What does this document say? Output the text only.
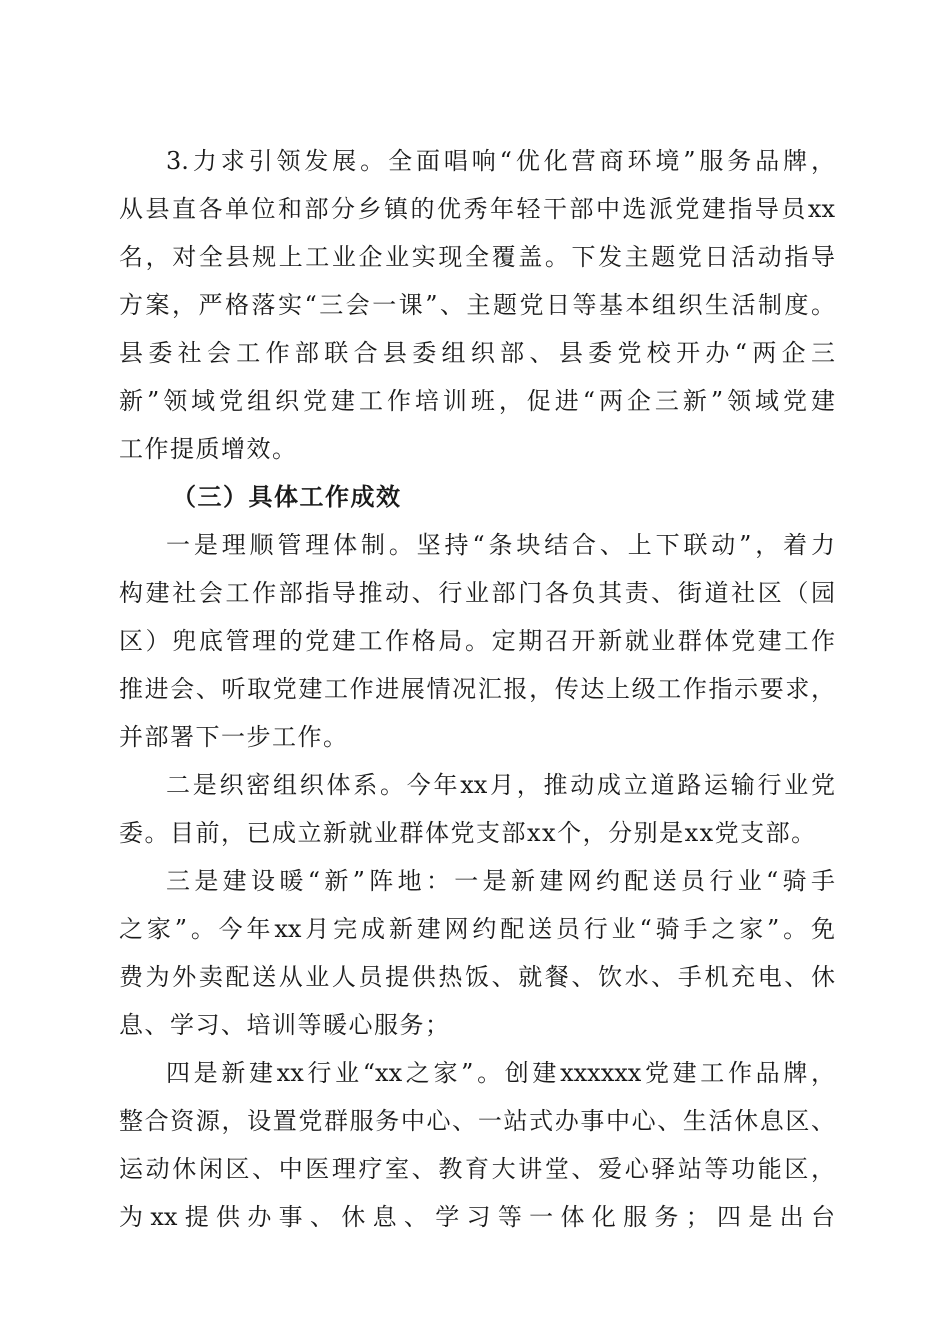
3.力求引领发展。全面唱响“优化营商环境”服务品牌，
从县直各单位和部分乡镇的优秀年轻干部中选派党建指导员xx
名，对全县规上工业企业实现全覆盖。下发主题党日活动指导
方案，严格落实“三会一课”、主题党日等基本组织生活制度。
县委社会工作部联合县委组织部、县委党校开办“两企三
新”领域党组织党建工作培训班，促进“两企三新”领域党建
工作提质增效。
（三）具体工作成效
一是理顺管理体制。坚持“条块结合、上下联动”，着力
构建社会工作部指导推动、行业部门各负其责、街道社区（园
区）兜底管理的党建工作格局。定期召开新就业群体党建工作
推进会、听取党建工作进展情况汇报，传达上级工作指示要求，
并部署下一步工作。
二是织密组织体系。今年xx月，推动成立道路运输行业党
委。目前，已成立新就业群体党支部xx个，分别是xx党支部。
三是建设暖“新”阵地：一是新建网约配送员行业“骑手
之家”。今年xx月完成新建网约配送员行业“骑手之家”。免
费为外卖配送从业人员提供热饭、就餐、饮水、手机充电、休
息、学习、培训等暖心服务；
四是新建xx行业“xx之家”。创建xxxxxx党建工作品牌，
整合资源，设置党群服务中心、一站式办事中心、生活休息区、
运动休闲区、中医理疗室、教育大讲堂、爱心驿站等功能区，
为xx提供办事、休息、学习等一体化服务；四是出台
